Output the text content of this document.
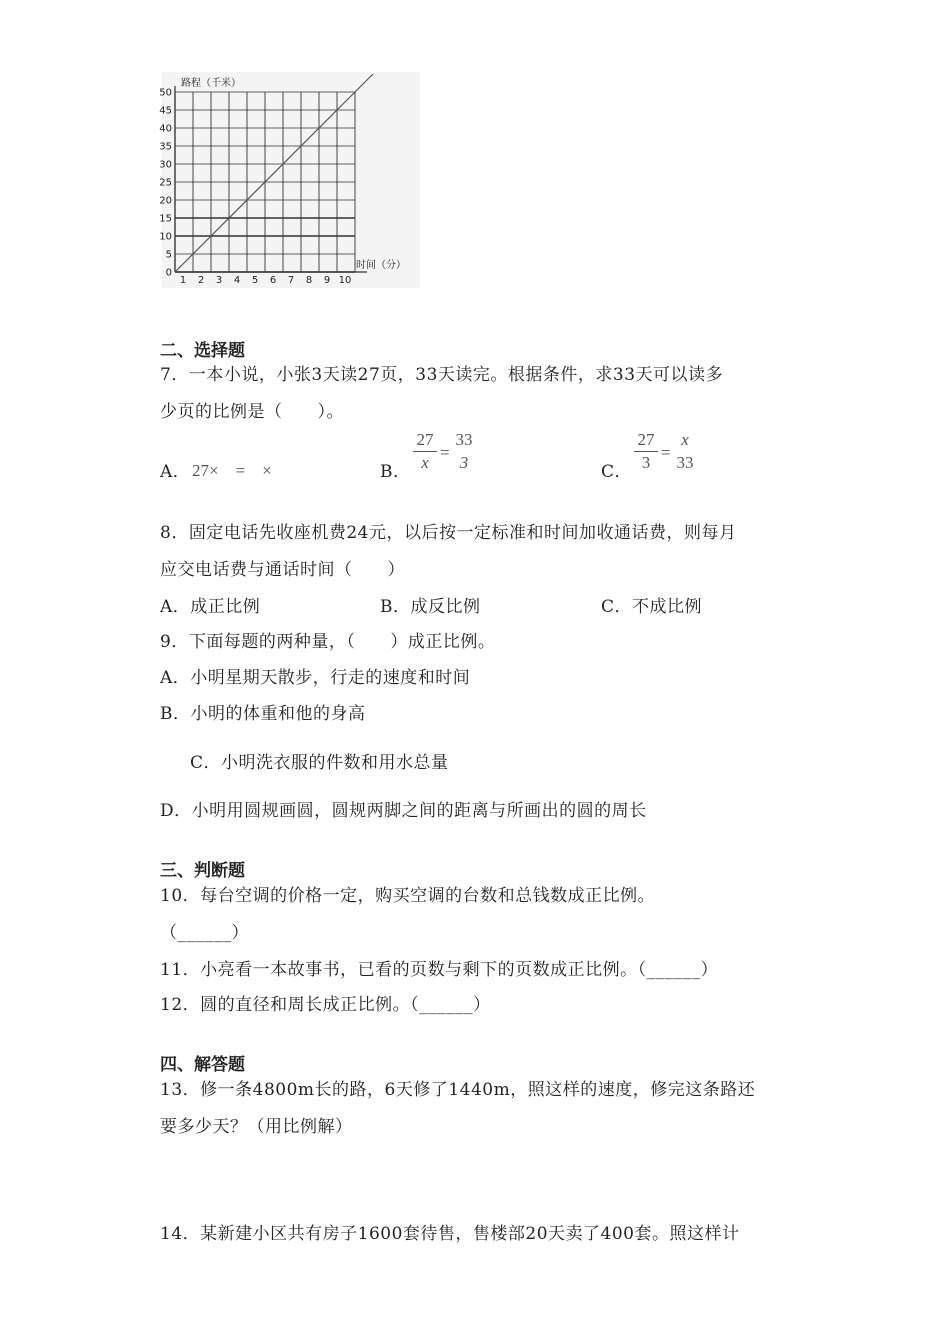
0
5
10
15
20
25
30
35
40
45
50
1 2 3 4 5 6 7 8 9 10
路程（千米）
时间（分）
二、选择题
7．一本小说，小张3天读27页，33天读完。根据条件，求33天可以读多
少页的比例是（　　）。
A． 27×　=　×	B．
27
x
=
33
3	C．
27
3
=
x
33
8．固定电话先收座机费24元，以后按一定标准和时间加收通话费，则每月
应交电话费与通话时间（　　）
A．成正比例	B．成反比例	C．不成比例
9．下面每题的两种量，（　　）成正比例。
A．小明星期天散步，行走的速度和时间
B．小明的体重和他的身高
C．小明洗衣服的件数和用水总量
D．小明用圆规画圆，圆规两脚之间的距离与所画出的圆的周长
三、判断题
10．每台空调的价格一定，购买空调的台数和总钱数成正比例。
（______）
11．小亮看一本故事书，已看的页数与剩下的页数成正比例。（______）
12．圆的直径和周长成正比例。（______）
四、解答题
13．修一条4800m长的路，6天修了1440m，照这样的速度，修完这条路还
要多少天？（用比例解）
14．某新建小区共有房子1600套待售，售楼部20天卖了400套。照这样计
